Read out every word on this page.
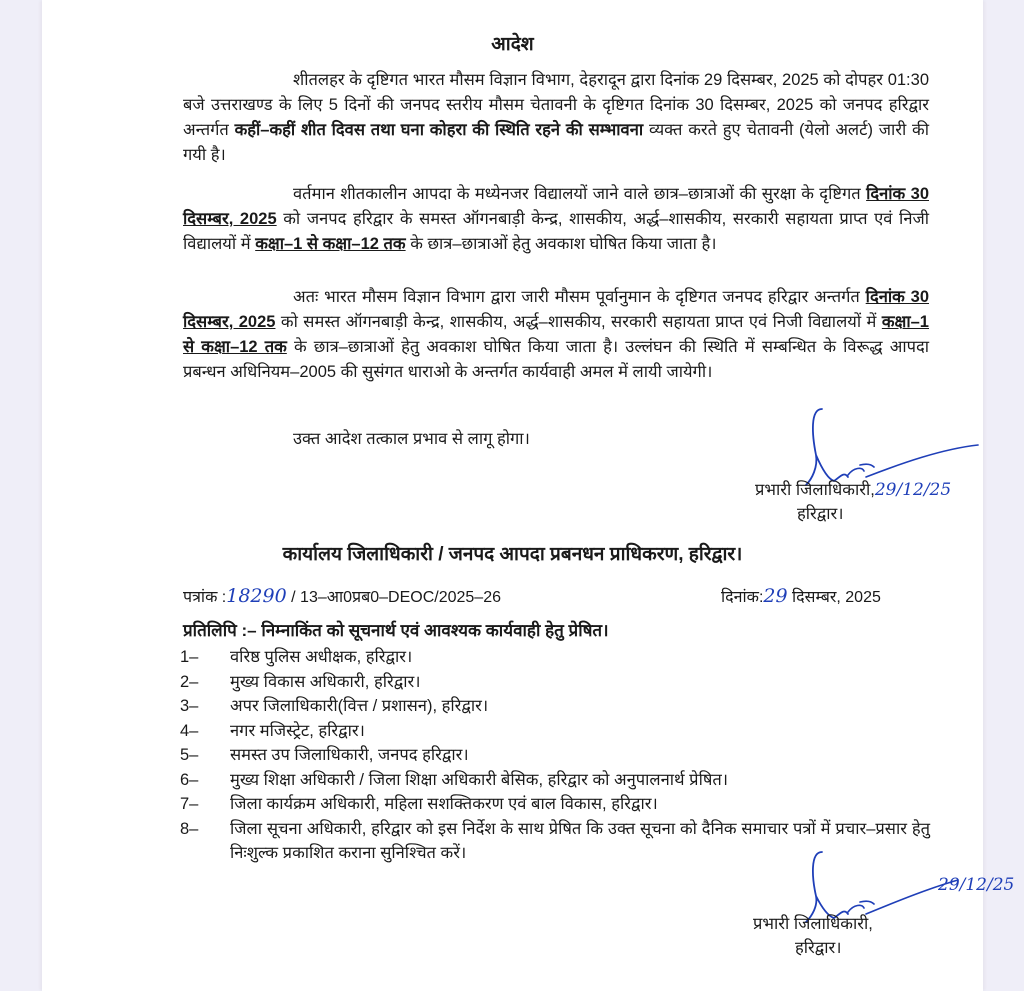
आदेश

शीतलहर के दृष्टिगत भारत मौसम विज्ञान विभाग, देहरादून द्वारा दिनांक 29 दिसम्बर, 2025 को दोपहर 01:30 बजे उत्तराखण्ड के लिए 5 दिनों की जनपद स्तरीय मौसम चेतावनी के दृष्टिगत दिनांक 30 दिसम्बर, 2025 को जनपद हरिद्वार अन्तर्गत कहीं–कहीं शीत दिवस तथा घना कोहरा की स्थिति रहने की सम्भावना व्यक्त करते हुए चेतावनी (येलो अलर्ट) जारी की गयी है।

वर्तमान शीतकालीन आपदा के मध्येनजर विद्यालयों जाने वाले छात्र–छात्राओं की सुरक्षा के दृष्टिगत दिनांक 30 दिसम्बर, 2025 को जनपद हरिद्वार के समस्त ऑगनबाड़ी केन्द्र, शासकीय, अर्द्ध–शासकीय, सरकारी सहायता प्राप्त एवं निजी विद्यालयों में कक्षा–1 से कक्षा–12 तक के छात्र–छात्राओं हेतु अवकाश घोषित किया जाता है।

अतः भारत मौसम विज्ञान विभाग द्वारा जारी मौसम पूर्वानुमान के दृष्टिगत जनपद हरिद्वार अन्तर्गत दिनांक 30 दिसम्बर, 2025 को समस्त ऑगनबाड़ी केन्द्र, शासकीय, अर्द्ध–शासकीय, सरकारी सहायता प्राप्त एवं निजी विद्यालयों में कक्षा–1 से कक्षा–12 तक के छात्र–छात्राओं हेतु अवकाश घोषित किया जाता है। उल्लंघन की स्थिति में सम्बन्धित के विरूद्ध आपदा प्रबन्धन अधिनियम–2005 की सुसंगत धाराओ के अन्तर्गत कार्यवाही अमल में लायी जायेगी।

उक्त आदेश तत्काल प्रभाव से लागू होगा।

प्रभारी जिलाधिकारी,29/12/25
हरिद्वार।
कार्यालय जिलाधिकारी / जनपद आपदा प्रबनधन प्राधिकरण, हरिद्वार।
पत्रांक :18290 / 13–आ0प्रब0–DEOC/2025–26	दिनांक:29 दिसम्बर, 2025
प्रतिलिपि :– निम्नाकिंत को सूचनार्थ एवं आवश्यक कार्यवाही हेतु प्रेषित।
1–	वरिष्ठ पुलिस अधीक्षक, हरिद्वार।
2–	मुख्य विकास अधिकारी, हरिद्वार।
3–	अपर जिलाधिकारी(वित्त / प्रशासन), हरिद्वार।
4–	नगर मजिस्ट्रेट, हरिद्वार।
5–	समस्त उप जिलाधिकारी, जनपद हरिद्वार।
6–	मुख्य शिक्षा अधिकारी / जिला शिक्षा अधिकारी बेसिक, हरिद्वार को अनुपालनार्थ प्रेषित।
7–	जिला कार्यक्रम अधिकारी, महिला सशक्तिकरण एवं बाल विकास, हरिद्वार।
8–	जिला सूचना अधिकारी, हरिद्वार को इस निर्देश के साथ प्रेषित कि उक्त सूचना को दैनिक समाचार पत्रों में प्रचार–प्रसार हेतु निःशुल्क प्रकाशित कराना सुनिश्चित करें।
29/12/25
प्रभारी जिलाधिकारी,
हरिद्वार।
